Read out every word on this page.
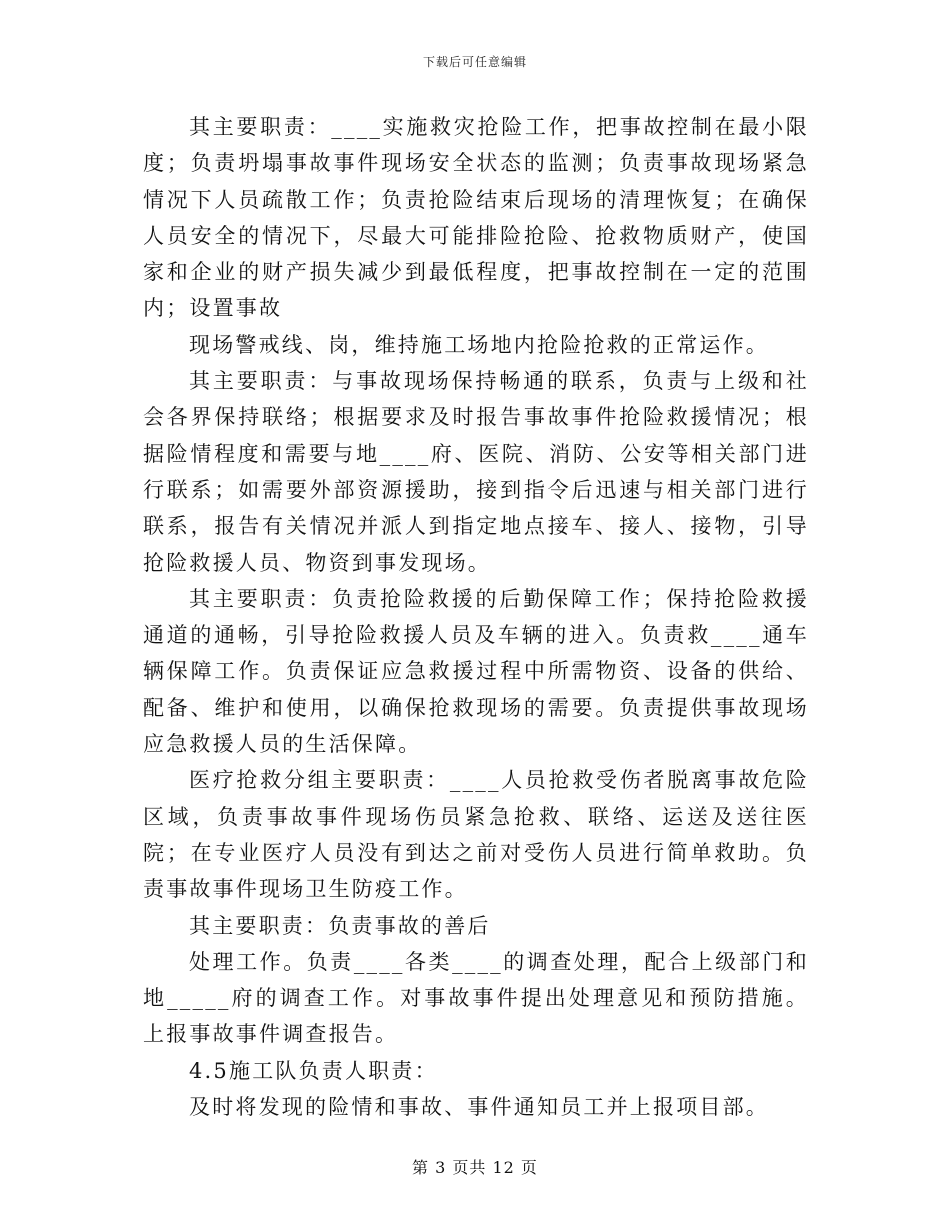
下载后可任意编辑

其主要职责：____实施救灾抢险工作，把事故控制在最小限度；负责坍塌事故事件现场安全状态的监测；负责事故现场紧急情况下人员疏散工作；负责抢险结束后现场的清理恢复；在确保人员安全的情况下，尽最大可能排险抢险、抢救物质财产，使国家和企业的财产损失减少到最低程度，把事故控制在一定的范围内；设置事故

现场警戒线、岗，维持施工场地内抢险抢救的正常运作。

其主要职责：与事故现场保持畅通的联系，负责与上级和社会各界保持联络；根据要求及时报告事故事件抢险救援情况；根据险情程度和需要与地____府、医院、消防、公安等相关部门进行联系；如需要外部资源援助，接到指令后迅速与相关部门进行联系，报告有关情况并派人到指定地点接车、接人、接物，引导抢险救援人员、物资到事发现场。

其主要职责：负责抢险救援的后勤保障工作；保持抢险救援通道的通畅，引导抢险救援人员及车辆的进入。负责救____通车辆保障工作。负责保证应急救援过程中所需物资、设备的供给、配备、维护和使用，以确保抢救现场的需要。负责提供事故现场应急救援人员的生活保障。

医疗抢救分组主要职责：____人员抢救受伤者脱离事故危险区域，负责事故事件现场伤员紧急抢救、联络、运送及送往医院；在专业医疗人员没有到达之前对受伤人员进行简单救助。负责事故事件现场卫生防疫工作。

其主要职责：负责事故的善后

处理工作。负责____各类____的调查处理，配合上级部门和地_____府的调查工作。对事故事件提出处理意见和预防措施。上报事故事件调查报告。

4.5施工队负责人职责：

及时将发现的险情和事故、事件通知员工并上报项目部。

第 3 页共 12 页
